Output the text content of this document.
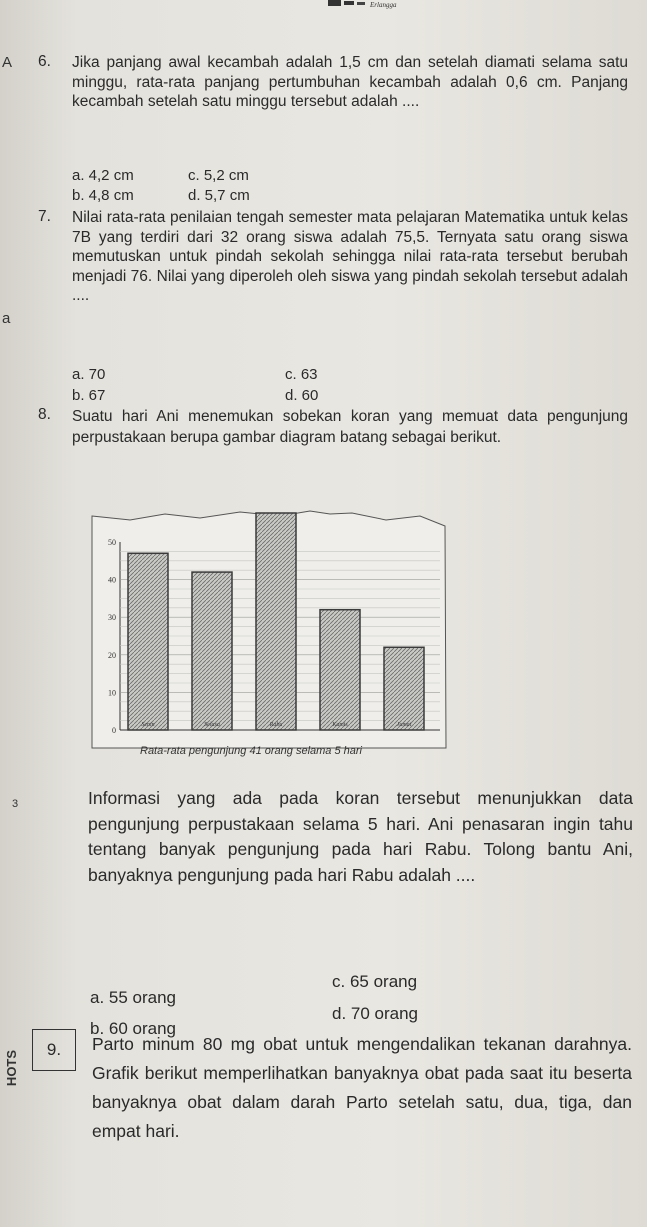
Erlangga
A
a
6. Jika panjang awal kecambah adalah 1,5 cm dan setelah diamati selama satu minggu, rata-rata panjang pertumbuhan kecambah adalah 0,6 cm. Panjang kecambah setelah satu minggu tersebut adalah ....
a. 4,2 cm	c. 5,2 cm
b. 4,8 cm	d. 5,7 cm
7. Nilai rata-rata penilaian tengah semester mata pelajaran Matematika untuk kelas 7B yang terdiri dari 32 orang siswa adalah 75,5. Ternyata satu orang siswa memutuskan untuk pindah sekolah sehingga nilai rata-rata tersebut berubah menjadi 76. Nilai yang diperoleh oleh siswa yang pindah sekolah tersebut adalah ....
a. 70	c. 63
b. 67	d. 60
8. Suatu hari Ani menemukan sobekan koran yang memuat data pengunjung perpustakaan berupa gambar diagram batang sebagai berikut.
0
10
20
30
40
50
Senin	Selasa	Rabu	Kamis	Jumat
Rata-rata pengunjung 41 orang selama 5 hari
3	Informasi yang ada pada koran tersebut menunjukkan data pengunjung perpustakaan selama 5 hari. Ani penasaran ingin tahu tentang banyak pengunjung pada hari Rabu. Tolong bantu Ani, banyaknya pengunjung pada hari Rabu adalah ....
a. 55 orang
c. 65 orang
b. 60 orang
d. 70 orang
HOTS
9.	Parto minum 80 mg obat untuk mengendalikan tekanan darahnya. Grafik berikut memperlihatkan banyaknya obat pada saat itu beserta banyaknya obat dalam darah Parto setelah satu, dua, tiga, dan empat hari.
